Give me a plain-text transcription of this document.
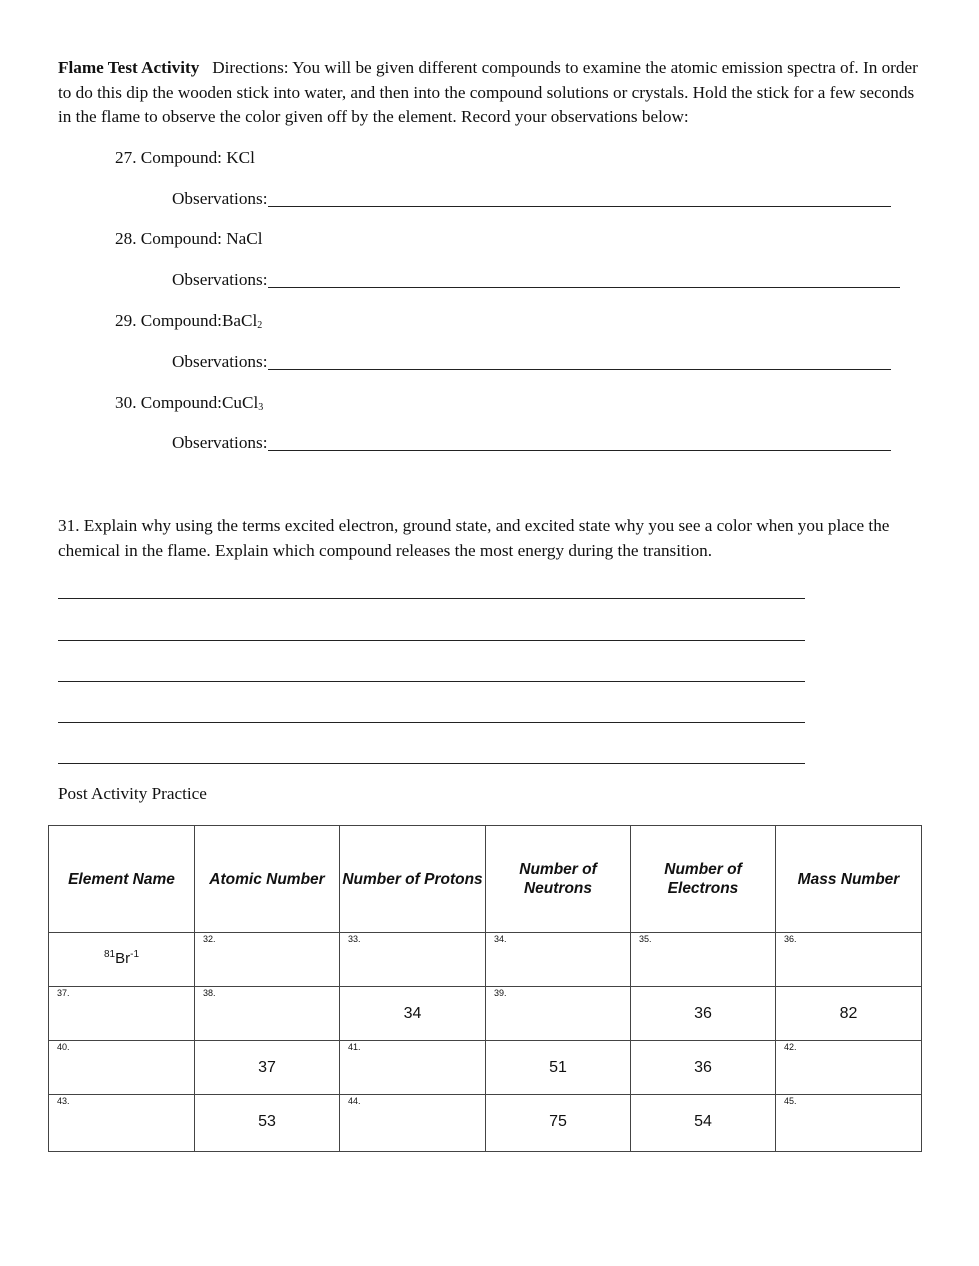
Flame Test Activity Directions: You will be given different compounds to examine the atomic emission spectra of. In order to do this dip the wooden stick into water, and then into the compound solutions or crystals. Hold the stick for a few seconds in the flame to observe the color given off by the element. Record your observations below:
27. Compound: KCl
Observations:
28. Compound: NaCl
Observations:
29. Compound:BaCl$_2$
Observations:
30. Compound:CuCl$_3$
Observations:
31. Explain why using the terms excited electron, ground state, and excited state why you see a color when you place the chemical in the flame. Explain which compound releases the most energy during the transition.
Post Activity Practice
Element Name	Atomic Number	Number of Protons	Number of Neutrons	Number of Electrons	Mass Number

$^{81}Br^{-1}$	32.	33.	34.	35.	36.

37.	38.	34	39.	36	82

40.	37	41.	51	36	42.

43.	53	44.	75	54	45.
